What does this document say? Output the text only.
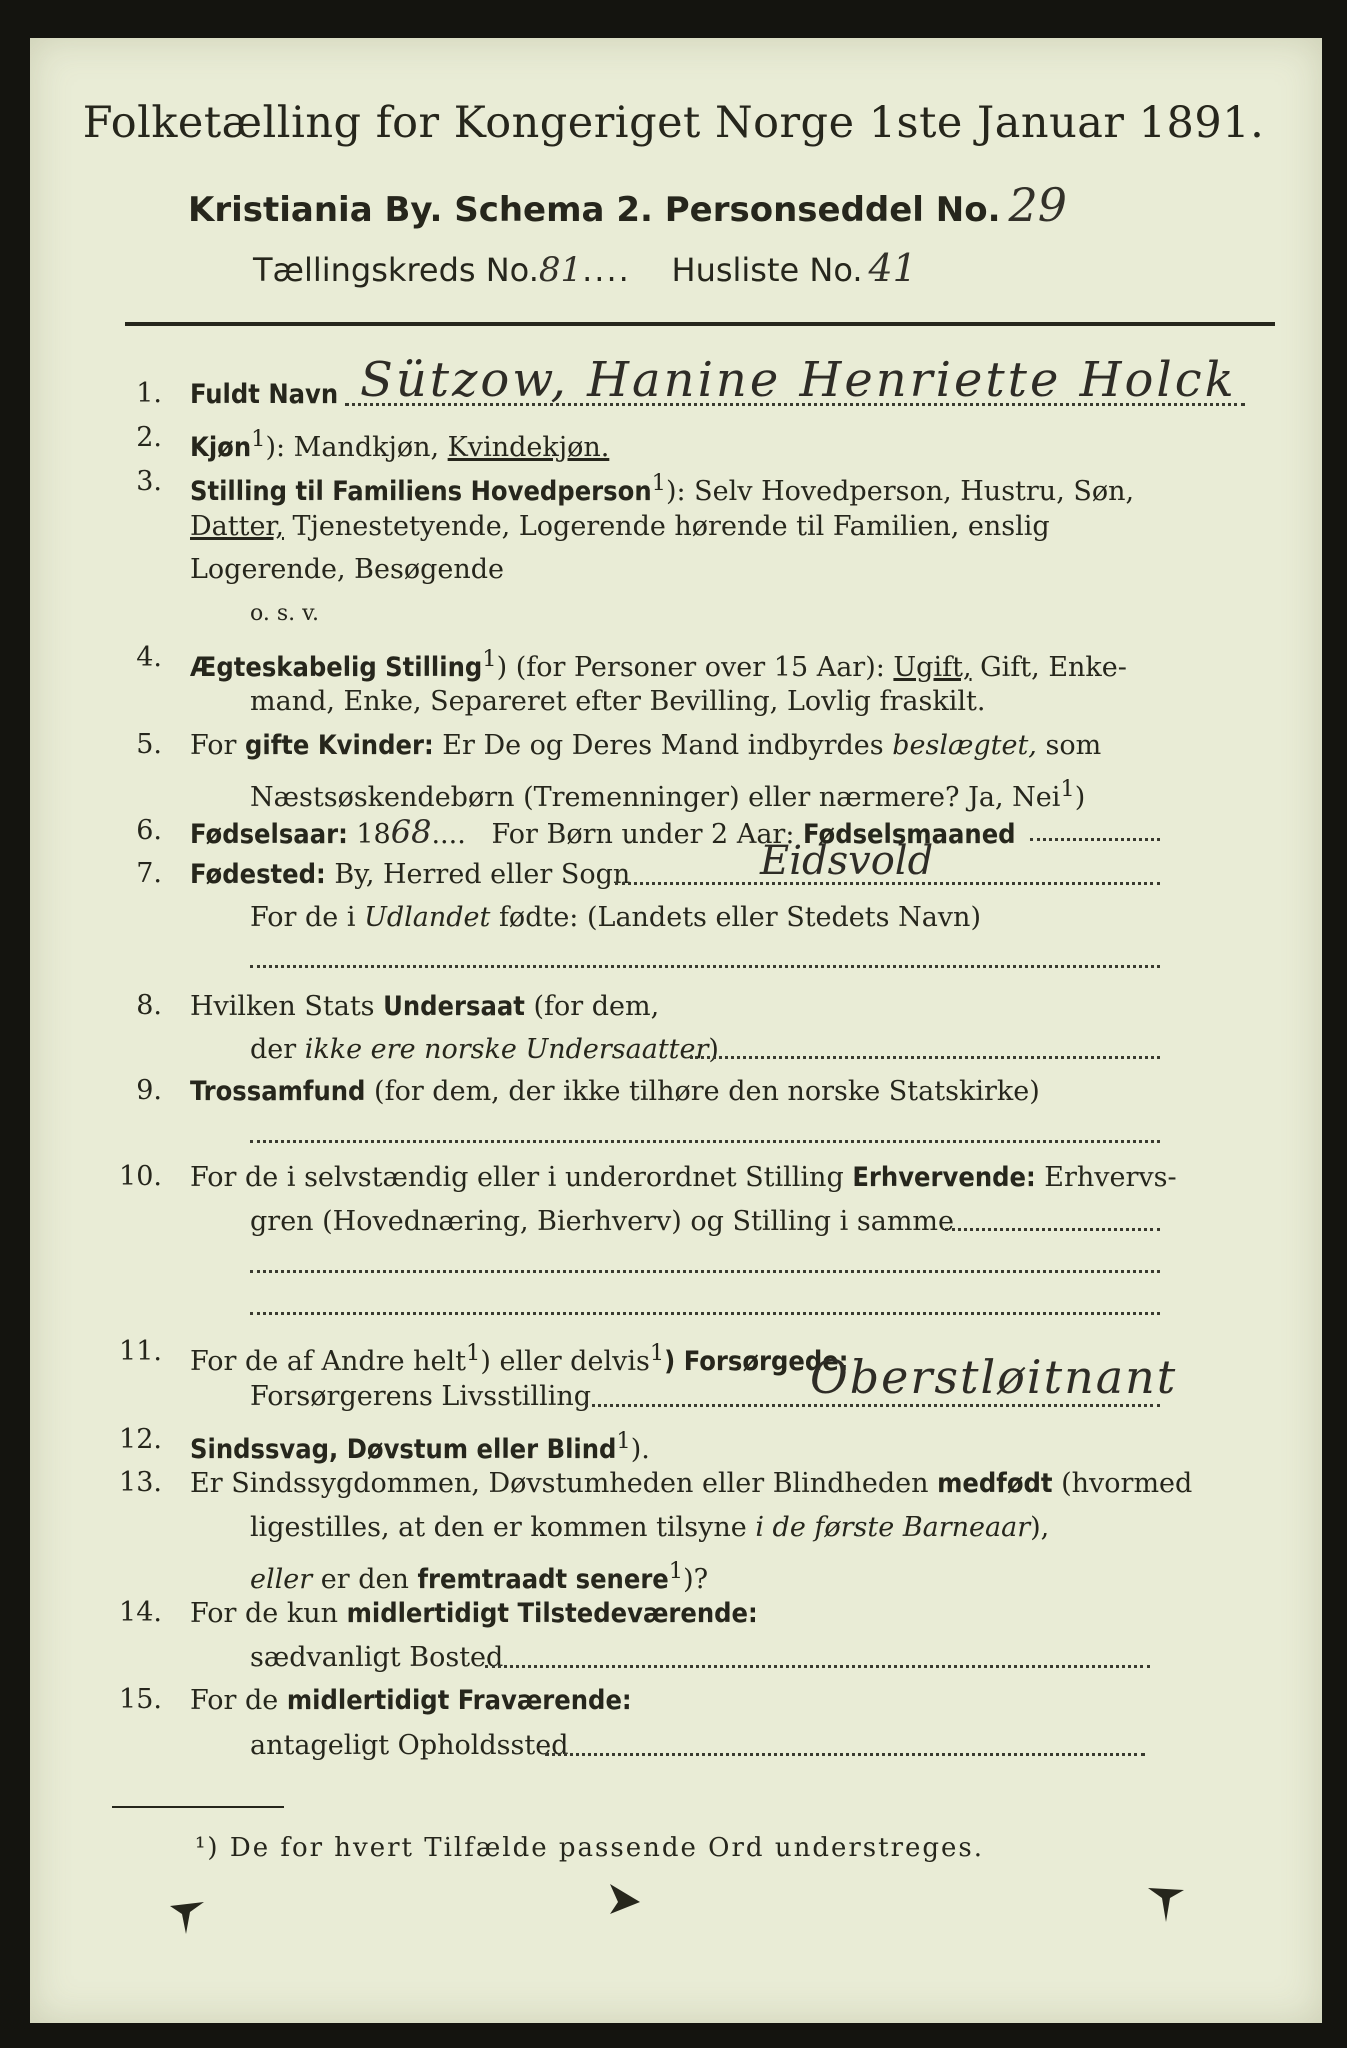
Folketælling for Kongeriget Norge 1ste Januar 1891.
Kristiania By. Schema 2. Personseddel No. 29
Tællingskreds No.81.... Husliste No. 41
1.
2.
3.
4.
5.
6.
7.
8.
9.
10.
11.
12.
13.
14.
15.
Fuldt Navn Sützow, Hanine Henriette Holck
Kjøn$^1$): Mandkjøn, Kvindekjøn.
Stilling til Familiens Hovedperson$^1$): Selv Hovedperson, Hustru, Søn,
Datter, Tjenestetyende, Logerende hørende til Familien, enslig
Logerende, Besøgende
o. s. v.
Ægteskabelig Stilling$^1$) (for Personer over 15 Aar): Ugift, Gift, Enke-
mand, Enke, Separeret efter Bevilling, Lovlig fraskilt.
For gifte Kvinder: Er De og Deres Mand indbyrdes beslægtet, som
Næstsøskendebørn (Tremenninger) eller nærmere? Ja, Nei$^1$)
Fødselsaar: 1868.... For Børn under 2 Aar: Fødselsmaaned
Fødested: By, Herred eller Sogn	Eidsvold
For de i Udlandet fødte: (Landets eller Stedets Navn)
Hvilken Stats Undersaat (for dem,
der ikke ere norske Undersaatter)
Trossamfund (for dem, der ikke tilhøre den norske Statskirke)
For de i selvstændig eller i underordnet Stilling Erhvervende: Erhvervs-
gren (Hovednæring, Bierhverv) og Stilling i samme
For de af Andre helt$^1$) eller delvis$^1$) Forsørgede:
Forsørgerens Livsstilling	Oberstløitnant
Sindssvag, Døvstum eller Blind$^1$).
Er Sindssygdommen, Døvstumheden eller Blindheden medfødt (hvormed
ligestilles, at den er kommen tilsyne i de første Barneaar),
eller er den fremtraadt senere$^1$)?
For de kun midlertidigt Tilstedeværende:
sædvanligt Bosted
For de midlertidigt Fraværende:
antageligt Opholdssted
¹) De for hvert Tilfælde passende Ord understreges.
